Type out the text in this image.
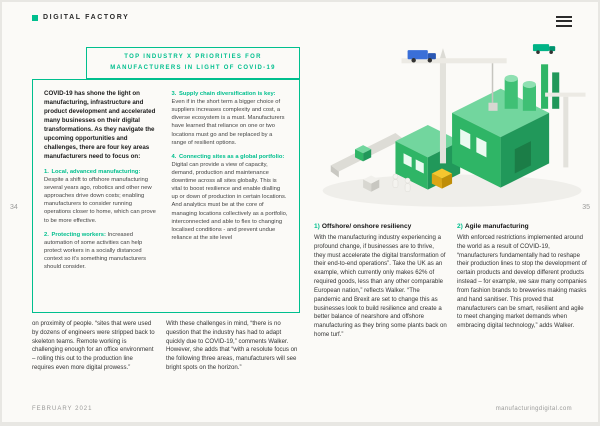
DIGITAL FACTORY
TOP INDUSTRY X PRIORITIES FOR
MANUFACTURERS IN LIGHT OF COVID-19

COVID-19 has shone the light on manufacturing, infrastructure and product development and accelerated many businesses on their digital transformations. As they navigate the upcoming opportunities and challenges, there are four key areas manufacturers need to focus on:

1. Local, advanced manufacturing: Despite a shift to offshore manufacturing several years ago, robotics and other new approaches drive down costs; enabling manufacturers to consider running operations closer to home, which can prove to be more effective.

2. Protecting workers: Increased automation of some activities can help protect workers in a socially distanced context so it’s something manufacturers should consider.

3. Supply chain diversification is key: Even if in the short term a bigger choice of suppliers increases complexity and cost, a diverse ecosystem is a must. Manufacturers have learned that reliance on one or two locations must go and be replaced by a range of resilient options.

4. Connecting sites as a global portfolio: Digital can provide a view of capacity, demand, production and maintenance downtime across all sites globally. This is vital to boost resilience and enable dialling up or down of production in certain locations. And analytics must be at the core of managing locations collectively as a portfolio, interconnected and able to flex to changing localised conditions - and prevent undue reliance at the site level

34	35

1) Offshore/ onshore resiliency

With the manufacturing industry experiencing a profound change, if businesses are to thrive, they must accelerate the digital transformation of their end-to-end operations”. Take the UK as an example, which currently only makes 62% of required goods, less than any other comparable European nation,” reflects Walker. “The pandemic and Brexit are set to change this as businesses look to build resilience and create a better balance of nearshore and offshore manufacturing as they bring some plants back on home turf.”

2) Agile manufacturing

With enforced restrictions implemented around the world as a result of COVID-19, “manufacturers fundamentally had to reshape their production lines to stop the development of certain products and develop different products instead – for example, we saw many companies from fashion brands to breweries making masks and hand sanitiser. This proved that manufacturers can be smart, resilient and agile to meet changing market demands when embracing digital technology,” adds Walker.

on proximity of people. “sites that were used by dozens of engineers were stripped back to skeleton teams. Remote working is challenging enough for an office environment – rolling this out to the production line requires even more digital prowess.”

With these challenges in mind, “there is no question that the industry has had to adapt quickly due to COVID-19,” comments Walker. However, she adds that “with a resolute focus on the following three areas, manufacturers will see bright spots on the horizon.”

FEBRUARY 2021	manufacturingdigital.com
